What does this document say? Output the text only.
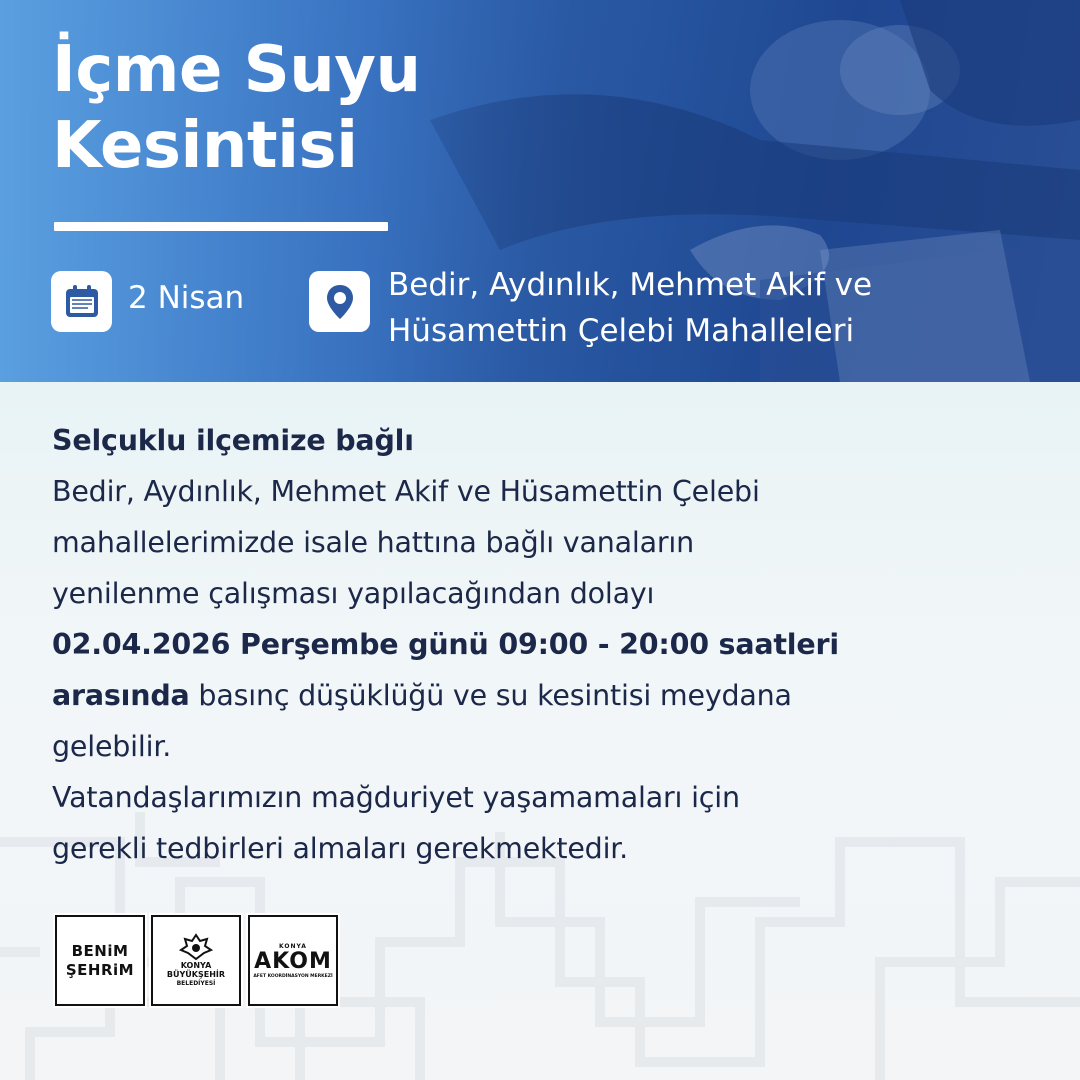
İçme Suyu
Kesintisi
2 Nisan	Bedir, Aydınlık, Mehmet Akif ve
Hüsamettin Çelebi Mahalleleri
Selçuklu ilçemize bağlı
Bedir, Aydınlık, Mehmet Akif ve Hüsamettin Çelebi
mahallelerimizde isale hattına bağlı vanaların
yenilenme çalışması yapılacağından dolayı
02.04.2026 Perşembe günü 09:00 - 20:00 saatleri
arasında basınç düşüklüğü ve su kesintisi meydana
gelebilir.
Vatandaşlarımızın mağduriyet yaşamamaları için
gerekli tedbirleri almaları gerekmektedir.
BENiM
ŞEHRiM	KONYA
BÜYÜKŞEHİR
BELEDİYESİ
KONYA
AKOM
AFET KOORDİNASYON MERKEZİ
